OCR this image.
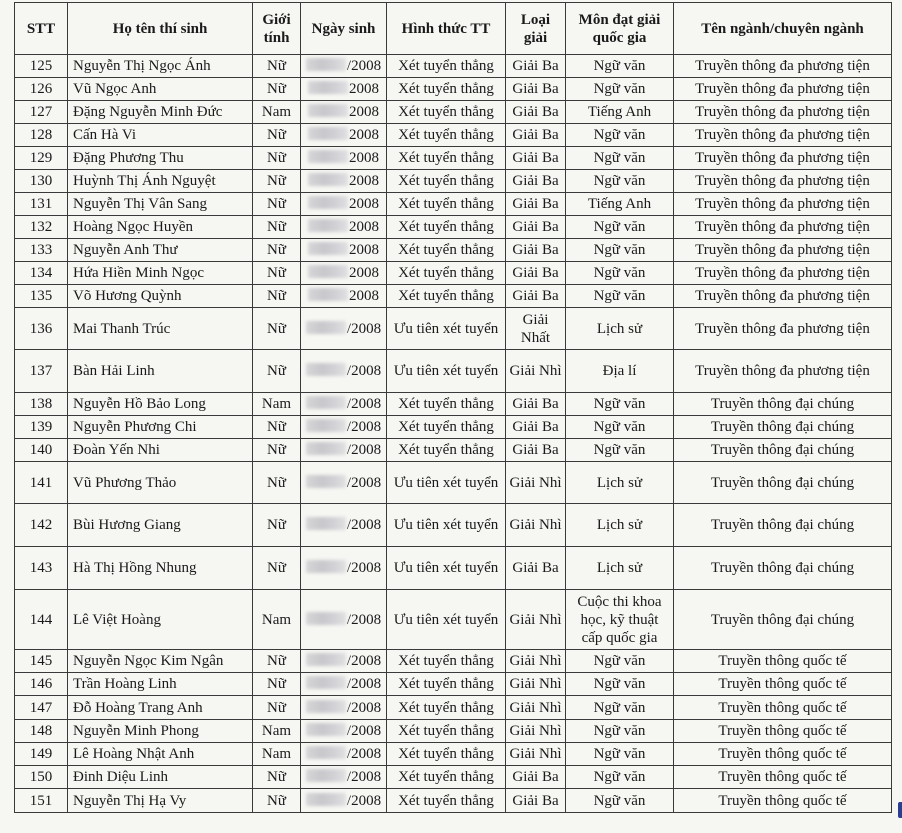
STT	Họ tên thí sinh	Giới tính	Ngày sinh	Hình thức TT	Loại giải	Môn đạt giải quốc gia	Tên ngành/chuyên ngành
125	Nguyễn Thị Ngọc Ánh	Nữ	/2008	Xét tuyển thẳng	Giải Ba	Ngữ văn	Truyền thông đa phương tiện
126	Vũ Ngọc Anh	Nữ	2008	Xét tuyển thẳng	Giải Ba	Ngữ văn	Truyền thông đa phương tiện
127	Đặng Nguyễn Minh Đức	Nam	2008	Xét tuyển thẳng	Giải Ba	Tiếng Anh	Truyền thông đa phương tiện
128	Cấn Hà Vi	Nữ	2008	Xét tuyển thẳng	Giải Ba	Ngữ văn	Truyền thông đa phương tiện
129	Đặng Phương Thu	Nữ	2008	Xét tuyển thẳng	Giải Ba	Ngữ văn	Truyền thông đa phương tiện
130	Huỳnh Thị Ánh Nguyệt	Nữ	2008	Xét tuyển thẳng	Giải Ba	Ngữ văn	Truyền thông đa phương tiện
131	Nguyễn Thị Vân Sang	Nữ	2008	Xét tuyển thẳng	Giải Ba	Tiếng Anh	Truyền thông đa phương tiện
132	Hoàng Ngọc Huyền	Nữ	2008	Xét tuyển thẳng	Giải Ba	Ngữ văn	Truyền thông đa phương tiện
133	Nguyễn Anh Thư	Nữ	2008	Xét tuyển thẳng	Giải Ba	Ngữ văn	Truyền thông đa phương tiện
134	Hứa Hiền Minh Ngọc	Nữ	2008	Xét tuyển thẳng	Giải Ba	Ngữ văn	Truyền thông đa phương tiện
135	Võ Hương Quỳnh	Nữ	2008	Xét tuyển thẳng	Giải Ba	Ngữ văn	Truyền thông đa phương tiện
136	Mai Thanh Trúc	Nữ	/2008	Ưu tiên xét tuyển	Giải Nhất	Lịch sử	Truyền thông đa phương tiện
137	Bàn Hải Linh	Nữ	/2008	Ưu tiên xét tuyển	Giải Nhì	Địa lí	Truyền thông đa phương tiện
138	Nguyễn Hồ Bảo Long	Nam	/2008	Xét tuyển thẳng	Giải Ba	Ngữ văn	Truyền thông đại chúng
139	Nguyễn Phương Chi	Nữ	/2008	Xét tuyển thẳng	Giải Ba	Ngữ văn	Truyền thông đại chúng
140	Đoàn Yến Nhi	Nữ	/2008	Xét tuyển thẳng	Giải Ba	Ngữ văn	Truyền thông đại chúng
141	Vũ Phương Thảo	Nữ	/2008	Ưu tiên xét tuyển	Giải Nhì	Lịch sử	Truyền thông đại chúng
142	Bùi Hương Giang	Nữ	/2008	Ưu tiên xét tuyển	Giải Nhì	Lịch sử	Truyền thông đại chúng
143	Hà Thị Hồng Nhung	Nữ	/2008	Ưu tiên xét tuyển	Giải Ba	Lịch sử	Truyền thông đại chúng
144	Lê Việt Hoàng	Nam	/2008	Ưu tiên xét tuyển	Giải Nhì	Cuộc thi khoa học, kỹ thuật cấp quốc gia	Truyền thông đại chúng
145	Nguyễn Ngọc Kim Ngân	Nữ	/2008	Xét tuyển thẳng	Giải Nhì	Ngữ văn	Truyền thông quốc tế
146	Trần Hoàng Linh	Nữ	/2008	Xét tuyển thẳng	Giải Nhì	Ngữ văn	Truyền thông quốc tế
147	Đỗ Hoàng Trang Anh	Nữ	/2008	Xét tuyển thẳng	Giải Nhì	Ngữ văn	Truyền thông quốc tế
148	Nguyễn Minh Phong	Nam	/2008	Xét tuyển thẳng	Giải Nhì	Ngữ văn	Truyền thông quốc tế
149	Lê Hoàng Nhật Anh	Nam	/2008	Xét tuyển thẳng	Giải Nhì	Ngữ văn	Truyền thông quốc tế
150	Đinh Diệu Linh	Nữ	/2008	Xét tuyển thẳng	Giải Ba	Ngữ văn	Truyền thông quốc tế
151	Nguyễn Thị Hạ Vy	Nữ	/2008	Xét tuyển thẳng	Giải Ba	Ngữ văn	Truyền thông quốc tế
